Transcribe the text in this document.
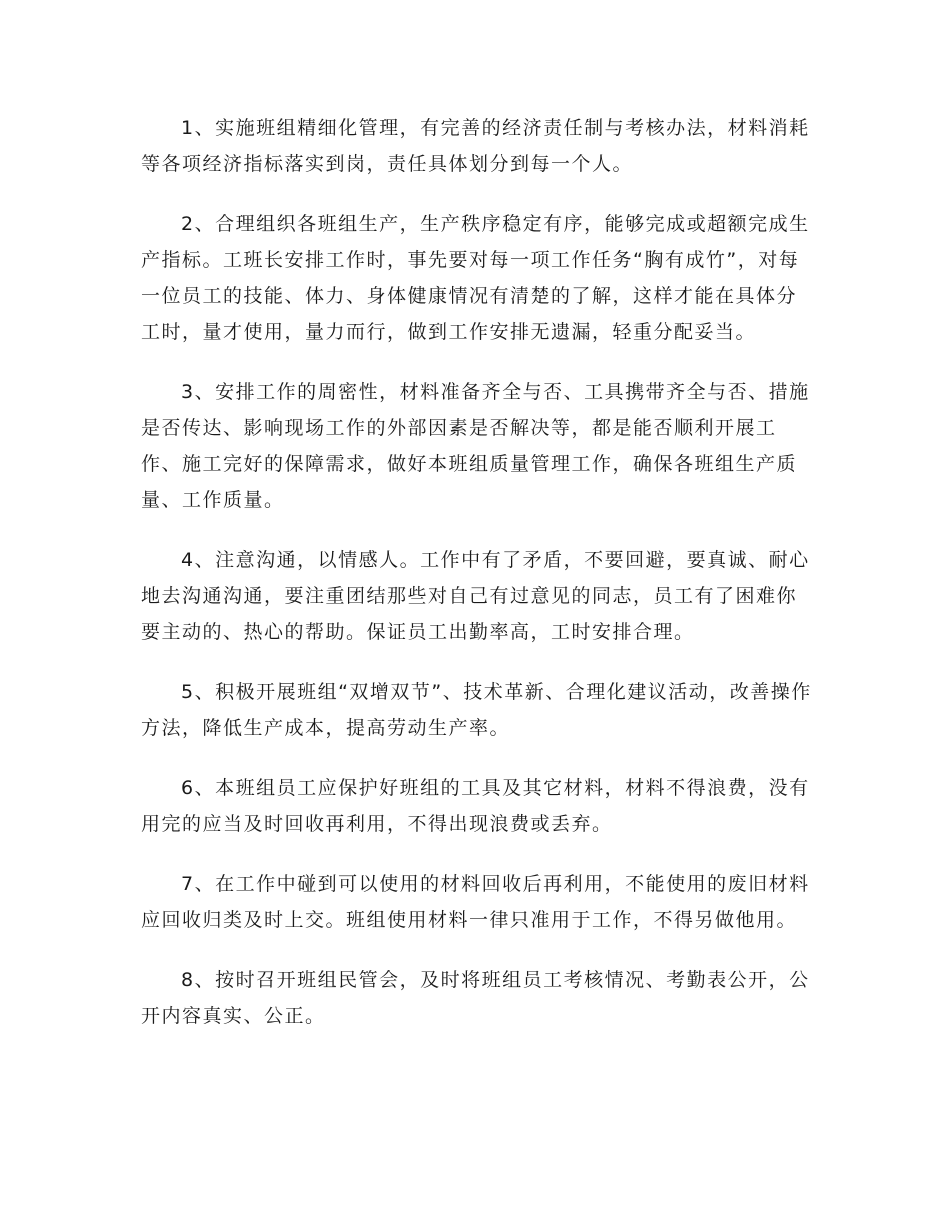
1、实施班组精细化管理，有完善的经济责任制与考核办法，材料消耗等各项经济指标落实到岗，责任具体划分到每一个人。

2、合理组织各班组生产，生产秩序稳定有序，能够完成或超额完成生产指标。工班长安排工作时，事先要对每一项工作任务“胸有成竹”，对每一位员工的技能、体力、身体健康情况有清楚的了解，这样才能在具体分工时，量才使用，量力而行，做到工作安排无遗漏，轻重分配妥当。

3、安排工作的周密性，材料准备齐全与否、工具携带齐全与否、措施是否传达、影响现场工作的外部因素是否解决等，都是能否顺利开展工作、施工完好的保障需求，做好本班组质量管理工作，确保各班组生产质量、工作质量。

4、注意沟通，以情感人。工作中有了矛盾，不要回避，要真诚、耐心地去沟通沟通，要注重团结那些对自己有过意见的同志，员工有了困难你要主动的、热心的帮助。保证员工出勤率高，工时安排合理。

5、积极开展班组“双增双节”、技术革新、合理化建议活动，改善操作方法，降低生产成本，提高劳动生产率。

6、本班组员工应保护好班组的工具及其它材料，材料不得浪费，没有用完的应当及时回收再利用，不得出现浪费或丢弃。

7、在工作中碰到可以使用的材料回收后再利用，不能使用的废旧材料应回收归类及时上交。班组使用材料一律只准用于工作，不得另做他用。

8、按时召开班组民管会，及时将班组员工考核情况、考勤表公开，公开内容真实、公正。
